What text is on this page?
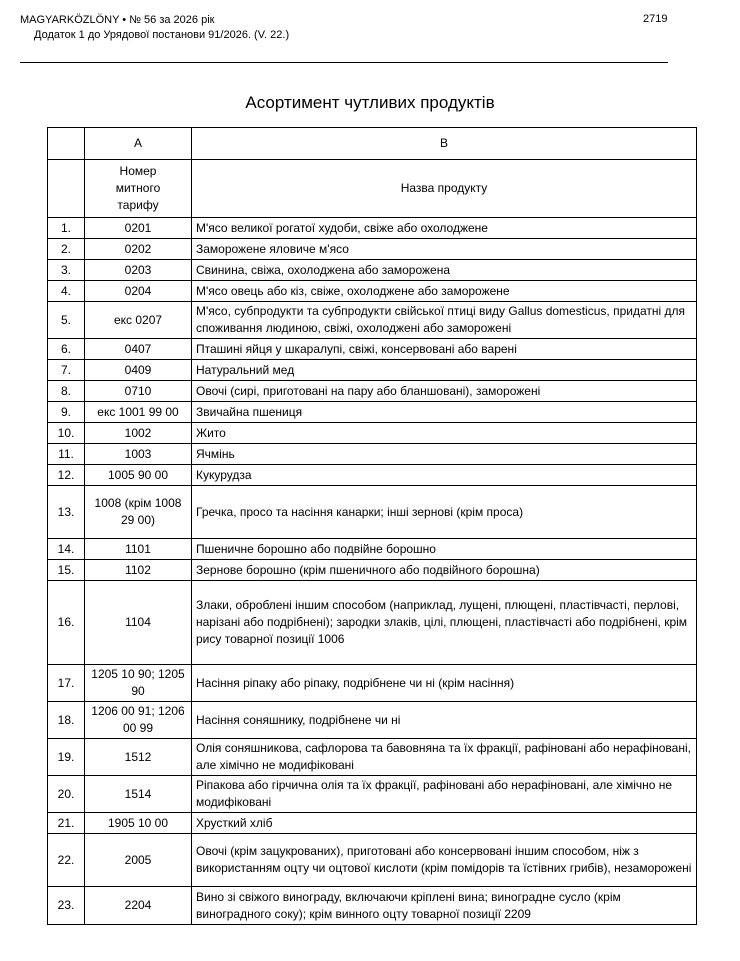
MAGYARKÖZLÖNY • № 56 за 2026 рік
Додаток 1 до Урядової постанови 91/2026. (V. 22.)
2719
Асортимент чутливих продуктів
	A	B
	Номер митного тарифу	Назва продукту
1.	0201	М'ясо великої рогатої худоби, свіже або охолоджене
2.	0202	Заморожене яловиче м'ясо
3.	0203	Свинина, свіжа, охолоджена або заморожена
4.	0204	М'ясо овець або кіз, свіже, охолоджене або заморожене
5.	екс 0207	М'ясо, субпродукти та субпродукти свійської птиці виду Gallus domesticus, придатні для споживання людиною, свіжі, охолоджені або заморожені
6.	0407	Пташині яйця у шкаралупі, свіжі, консервовані або варені
7.	0409	Натуральний мед
8.	0710	Овочі (сирі, приготовані на пару або бланшовані), заморожені
9.	екс 1001 99 00	Звичайна пшениця
10.	1002	Жито
11.	1003	Ячмінь
12.	1005 90 00	Кукурудза
13.	1008 (крім 1008 29 00)	Гречка, просо та насіння канарки; інші зернові (крім проса)
14.	1101	Пшеничне борошно або подвійне борошно
15.	1102	Зернове борошно (крім пшеничного або подвійного борошна)
16.	1104	Злаки, оброблені іншим способом (наприклад, лущені, плющені, пластівчасті, перлові, нарізані або подрібнені); зародки злаків, цілі, плющені, пластівчасті або подрібнені, крім рису товарної позиції 1006
17.	1205 10 90; 1205 90	Насіння ріпаку або ріпаку, подрібнене чи ні (крім насіння)
18.	1206 00 91; 1206 00 99	Насіння соняшнику, подрібнене чи ні
19.	1512	Олія соняшникова, сафлорова та бавовняна та їх фракції, рафіновані або нерафіновані, але хімічно не модифіковані
20.	1514	Ріпакова або гірчична олія та їх фракції, рафіновані або нерафіновані, але хімічно не модифіковані
21.	1905 10 00	Хрусткий хліб
22.	2005	Овочі (крім зацукрованих), приготовані або консервовані іншим способом, ніж з використанням оцту чи оцтової кислоти (крім помідорів та їстівних грибів), незаморожені
23.	2204	Вино зі свіжого винограду, включаючи кріплені вина; виноградне сусло (крім виноградного соку); крім винного оцту товарної позиції 2209
